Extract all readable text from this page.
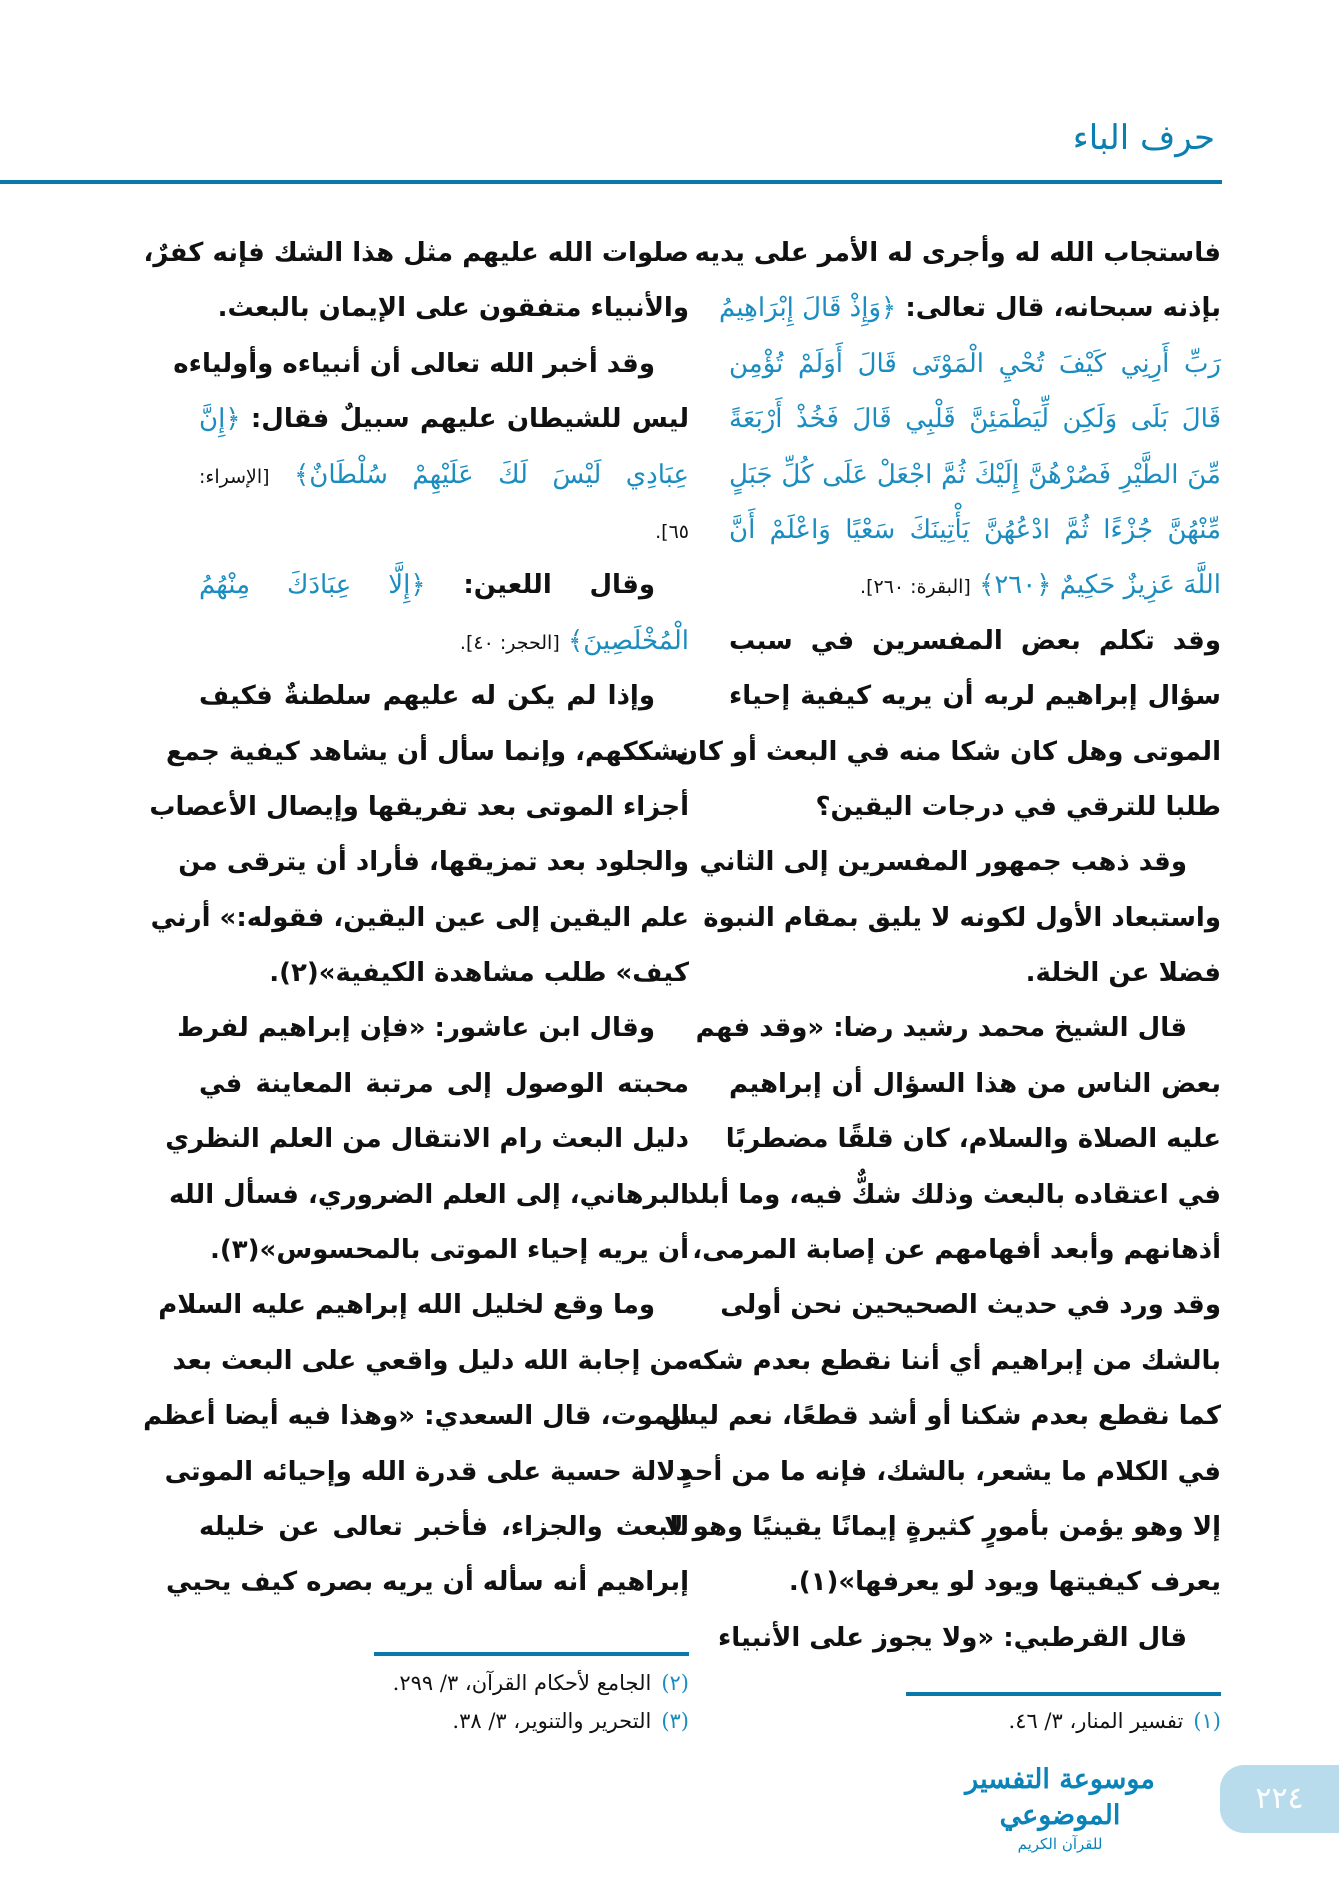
حرف الباء
فاستجاب الله له وأجرى له الأمر على يديه
بإذنه سبحانه، قال تعالى: ﴿وَإِذْ قَالَ إِبْرَاهِيمُ
رَبِّ أَرِنِي كَيْفَ تُحْيِ الْمَوْتَى قَالَ أَوَلَمْ تُؤْمِن
قَالَ بَلَى وَلَكِن لِّيَطْمَئِنَّ قَلْبِي قَالَ فَخُذْ أَرْبَعَةً
مِّنَ الطَّيْرِ فَصُرْهُنَّ إِلَيْكَ ثُمَّ اجْعَلْ عَلَى كُلِّ جَبَلٍ
مِّنْهُنَّ جُزْءًا ثُمَّ ادْعُهُنَّ يَأْتِينَكَ سَعْيًا وَاعْلَمْ أَنَّ
اللَّهَ عَزِيزٌ حَكِيمٌ ﴿٢٦٠﴾ [البقرة: ٢٦٠].
وقد تكلم بعض المفسرين في سبب
سؤال إبراهيم لربه أن يريه كيفية إحياء
الموتى وهل كان شكا منه في البعث أو كان
طلبا للترقي في درجات اليقين؟
وقد ذهب جمهور المفسرين إلى الثاني
واستبعاد الأول لكونه لا يليق بمقام النبوة
فضلا عن الخلة.
قال الشيخ محمد رشيد رضا: «وقد فهم
بعض الناس من هذا السؤال أن إبراهيم
عليه الصلاة والسلام، كان قلقًا مضطربًا
في اعتقاده بالبعث وذلك شكٌّ فيه، وما أبلد
أذهانهم وأبعد أفهامهم عن إصابة المرمى،
وقد ورد في حديث الصحيحين نحن أولى
بالشك من إبراهيم أي أننا نقطع بعدم شكه
كما نقطع بعدم شكنا أو أشد قطعًا، نعم ليس
في الكلام ما يشعر، بالشك، فإنه ما من أحدٍ
إلا وهو يؤمن بأمورٍ كثيرةٍ إيمانًا يقينيًا وهو لا
يعرف كيفيتها ويود لو يعرفها»(١).
قال القرطبي: «ولا يجوز على الأنبياء
صلوات الله عليهم مثل هذا الشك فإنه كفرٌ،
والأنبياء متفقون على الإيمان بالبعث.
وقد أخبر الله تعالى أن أنبياءه وأولياءه
ليس للشيطان عليهم سبيلٌ فقال: ﴿إِنَّ
عِبَادِي لَيْسَ لَكَ عَلَيْهِمْ سُلْطَانٌ﴾ [الإسراء:
٦٥].
وقال اللعين: ﴿إِلَّا عِبَادَكَ مِنْهُمُ
الْمُخْلَصِينَ﴾ [الحجر: ٤٠].
وإذا لم يكن له عليهم سلطنةٌ فكيف
يشككهم، وإنما سأل أن يشاهد كيفية جمع
أجزاء الموتى بعد تفريقها وإيصال الأعصاب
والجلود بعد تمزيقها، فأراد أن يترقى من
علم اليقين إلى عين اليقين، فقوله:» أرني
كيف» طلب مشاهدة الكيفية»(٢).
وقال ابن عاشور: «فإن إبراهيم لفرط
محبته الوصول إلى مرتبة المعاينة في
دليل البعث رام الانتقال من العلم النظري
البرهاني، إلى العلم الضروري، فسأل الله
أن يريه إحياء الموتى بالمحسوس»(٣).
وما وقع لخليل الله إبراهيم عليه السلام
من إجابة الله دليل واقعي على البعث بعد
الموت، قال السعدي: «وهذا فيه أيضا أعظم
دلالة حسية على قدرة الله وإحيائه الموتى
للبعث والجزاء، فأخبر تعالى عن خليله
إبراهيم أنه سأله أن يريه بصره كيف يحيي
(٢)الجامع لأحكام القرآن، ٣/ ٢٩٩.
(٣)التحرير والتنوير، ٣/ ٣٨.	(١)تفسير المنار، ٣/ ٤٦.
موسوعة التفسير الموضوعي
للقرآن الكريم
٢٢٤
